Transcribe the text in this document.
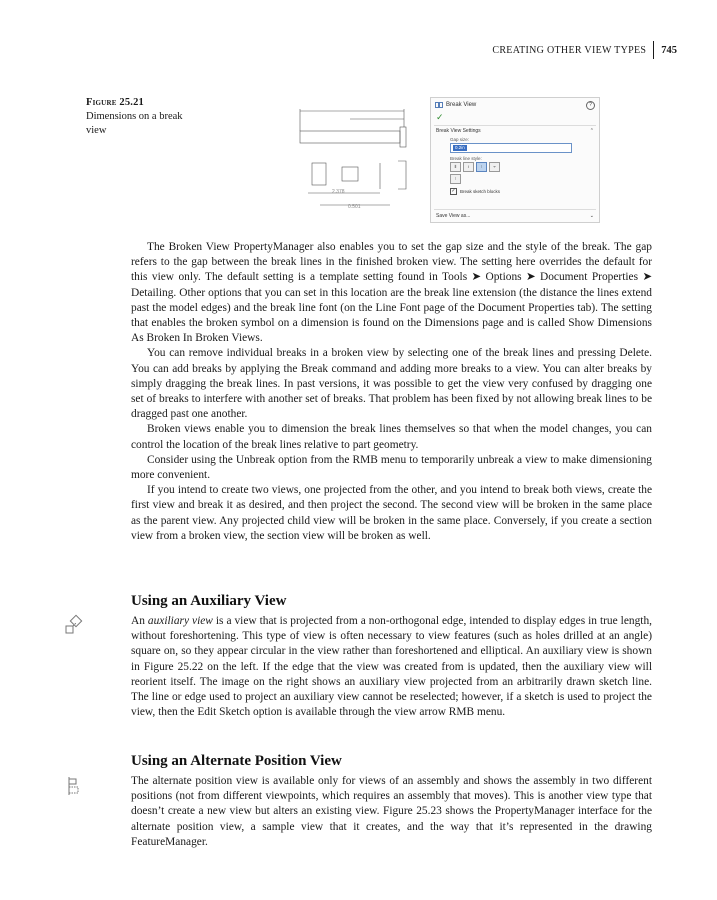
CREATING OTHER VIEW TYPES	745
Figure 25.21
Dimensions on a break view
2.378
0.501
Break View	?
✓
Break View Settings	⌃
Gap size:
0.2in
Break line style:
⫴	≀	⫶	∻
⦚
✓ Break sketch blocks
Save View as...	⌄

The Broken View PropertyManager also enables you to set the gap size and the style of the break. The gap refers to the gap between the break lines in the finished broken view. The setting here overrides the default for this view only. The default setting is a template setting found in Tools ➤ Options ➤ Document Properties ➤ Detailing. Other options that you can set in this location are the break line extension (the distance the lines extend past the model edges) and the break line font (on the Line Font page of the Document Properties tab). The setting that enables the broken symbol on a dimension is found on the Dimensions page and is called Show Dimensions As Broken In Broken Views.

You can remove individual breaks in a broken view by selecting one of the break lines and pressing Delete. You can add breaks by applying the Break command and adding more breaks to a view. You can alter breaks by simply dragging the break lines. In past versions, it was possible to get the view very confused by dragging one set of breaks to interfere with another set of breaks. That problem has been fixed by not allowing break lines to be dragged past one another.

Broken views enable you to dimension the break lines themselves so that when the model changes, you can control the location of the break lines relative to part geometry.

Consider using the Unbreak option from the RMB menu to temporarily unbreak a view to make dimensioning more convenient.

If you intend to create two views, one projected from the other, and you intend to break both views, create the first view and break it as desired, and then project the second. The second view will be broken in the same place as the parent view. Any projected child view will be broken in the same place. Conversely, if you create a section view from a broken view, the section view will be broken as well.

Using an Auxiliary View

An auxiliary view is a view that is projected from a non-orthogonal edge, intended to display edges in true length, without foreshortening. This type of view is often necessary to view features (such as holes drilled at an angle) square on, so they appear circular in the view rather than foreshortened and elliptical. An auxiliary view is shown in Figure 25.22 on the left. If the edge that the view was created from is updated, then the auxiliary view will reorient itself. The image on the right shows an auxiliary view projected from an arbitrarily drawn sketch line. The line or edge used to project an auxiliary view cannot be reselected; however, if a sketch is used to project the view, then the Edit Sketch option is available through the view arrow RMB menu.

Using an Alternate Position View

The alternate position view is available only for views of an assembly and shows the assembly in two different positions (not from different viewpoints, which requires an assembly that moves). This is another view type that doesn’t create a new view but alters an existing view. Figure 25.23 shows the PropertyManager interface for the alternate position view, a sample view that it creates, and the way that it’s represented in the drawing FeatureManager.
